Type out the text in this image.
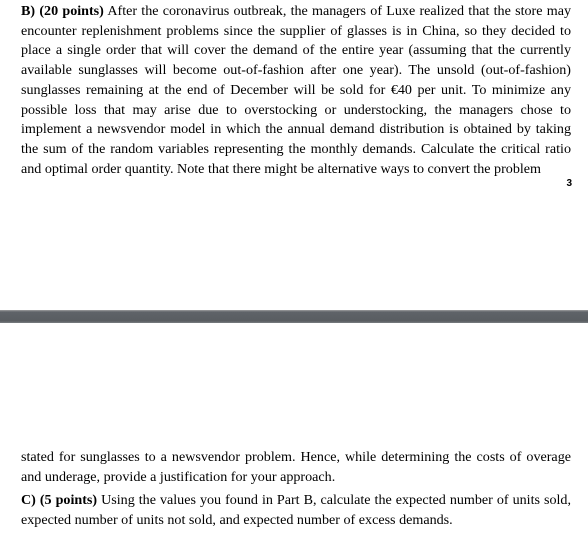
B) (20 points) After the coronavirus outbreak, the managers of Luxe realized that the store may encounter replenishment problems since the supplier of glasses is in China, so they decided to place a single order that will cover the demand of the entire year (assuming that the currently available sunglasses will become out-of-fashion after one year). The unsold (out-of-fashion) sunglasses remaining at the end of December will be sold for €40 per unit. To minimize any possible loss that may arise due to overstocking or understocking, the managers chose to implement a newsvendor model in which the annual demand distribution is obtained by taking the sum of the random variables representing the monthly demands. Calculate the critical ratio and optimal order quantity. Note that there might be alternative ways to convert the problem

3

stated for sunglasses to a newsvendor problem. Hence, while determining the costs of overage and underage, provide a justification for your approach.

C) (5 points) Using the values you found in Part B, calculate the expected number of units sold, expected number of units not sold, and expected number of excess demands.
